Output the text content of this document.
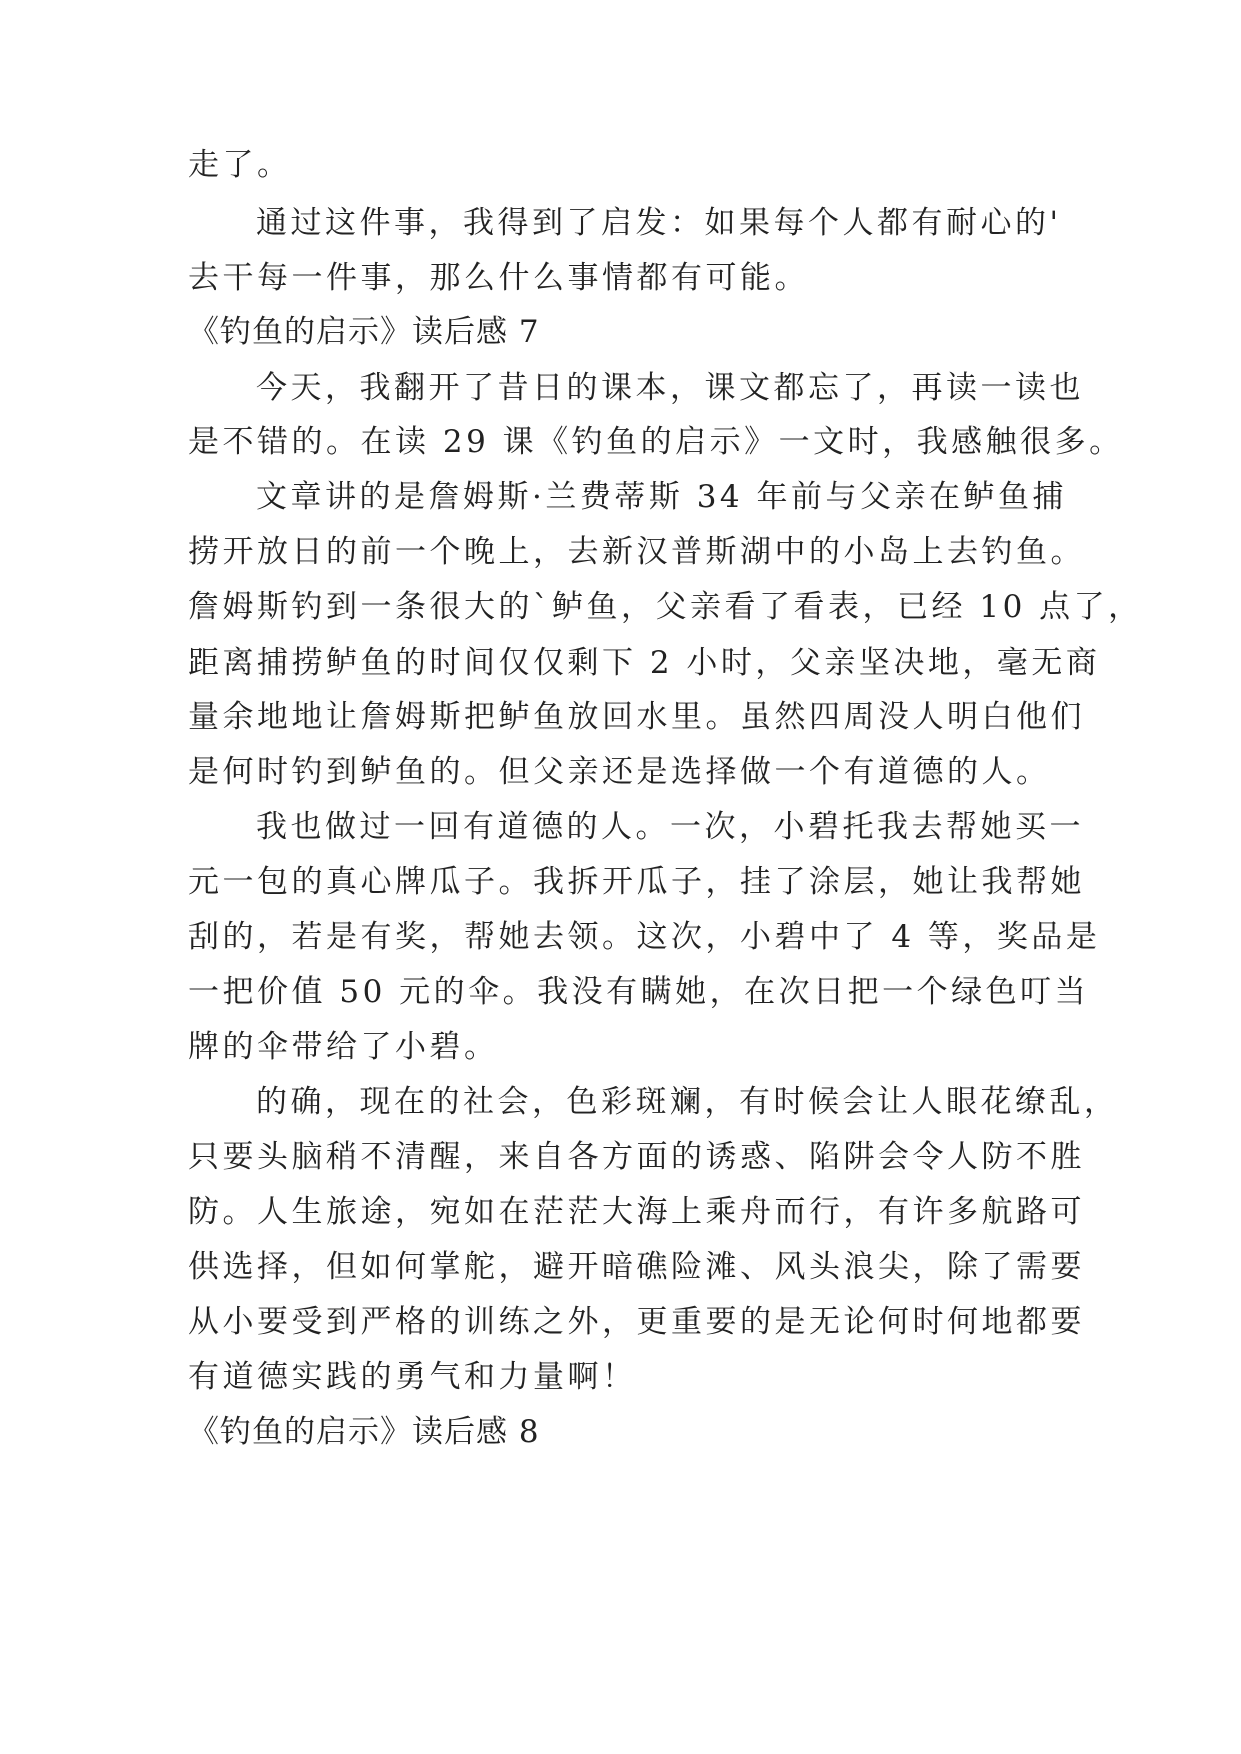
走了。
通过这件事，我得到了启发：如果每个人都有耐心的'
去干每一件事，那么什么事情都有可能。
《钓鱼的启示》读后感 7
今天，我翻开了昔日的课本，课文都忘了，再读一读也
是不错的。在读 29 课《钓鱼的启示》一文时，我感触很多。
文章讲的是詹姆斯·兰费蒂斯 34 年前与父亲在鲈鱼捕
捞开放日的前一个晚上，去新汉普斯湖中的小岛上去钓鱼。
詹姆斯钓到一条很大的`鲈鱼，父亲看了看表，已经 10 点了，
距离捕捞鲈鱼的时间仅仅剩下 2 小时，父亲坚决地，毫无商
量余地地让詹姆斯把鲈鱼放回水里。虽然四周没人明白他们
是何时钓到鲈鱼的。但父亲还是选择做一个有道德的人。
我也做过一回有道德的人。一次，小碧托我去帮她买一
元一包的真心牌瓜子。我拆开瓜子，挂了涂层，她让我帮她
刮的，若是有奖，帮她去领。这次，小碧中了 4 等，奖品是
一把价值 50 元的伞。我没有瞒她，在次日把一个绿色叮当
牌的伞带给了小碧。
的确，现在的社会，色彩斑斓，有时候会让人眼花缭乱，
只要头脑稍不清醒，来自各方面的诱惑、陷阱会令人防不胜
防。人生旅途，宛如在茫茫大海上乘舟而行，有许多航路可
供选择，但如何掌舵，避开暗礁险滩、风头浪尖，除了需要
从小要受到严格的训练之外，更重要的是无论何时何地都要
有道德实践的勇气和力量啊！
《钓鱼的启示》读后感 8
